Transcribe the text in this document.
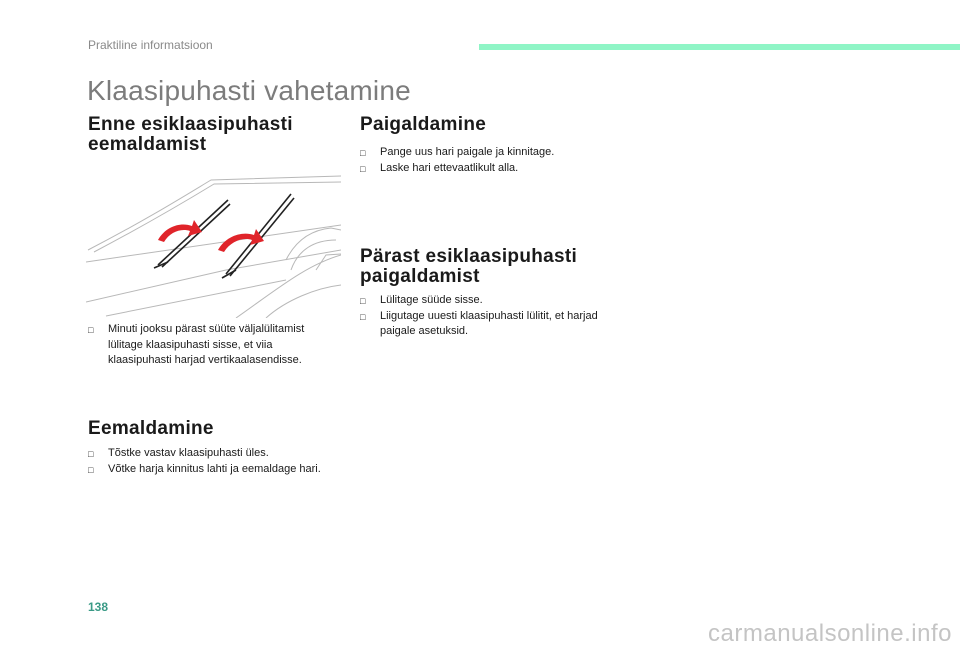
Praktiline informatsioon
Klaasipuhasti vahetamine
Enne esiklaasipuhasti eemaldamist
□ Minuti jooksu pärast süüte väljalülitamist lülitage klaasipuhasti sisse, et viia klaasipuhasti harjad vertikaalasendisse.
Eemaldamine
□ Tõstke vastav klaasipuhasti üles.
□ Võtke harja kinnitus lahti ja eemaldage hari.
Paigaldamine
□ Pange uus hari paigale ja kinnitage.
□ Laske hari ettevaatlikult alla.
Pärast esiklaasipuhasti paigaldamist
□ Lülitage süüde sisse.
□ Liigutage uuesti klaasipuhasti lülitit, et harjad paigale asetuksid.
138
carmanualsonline.info
